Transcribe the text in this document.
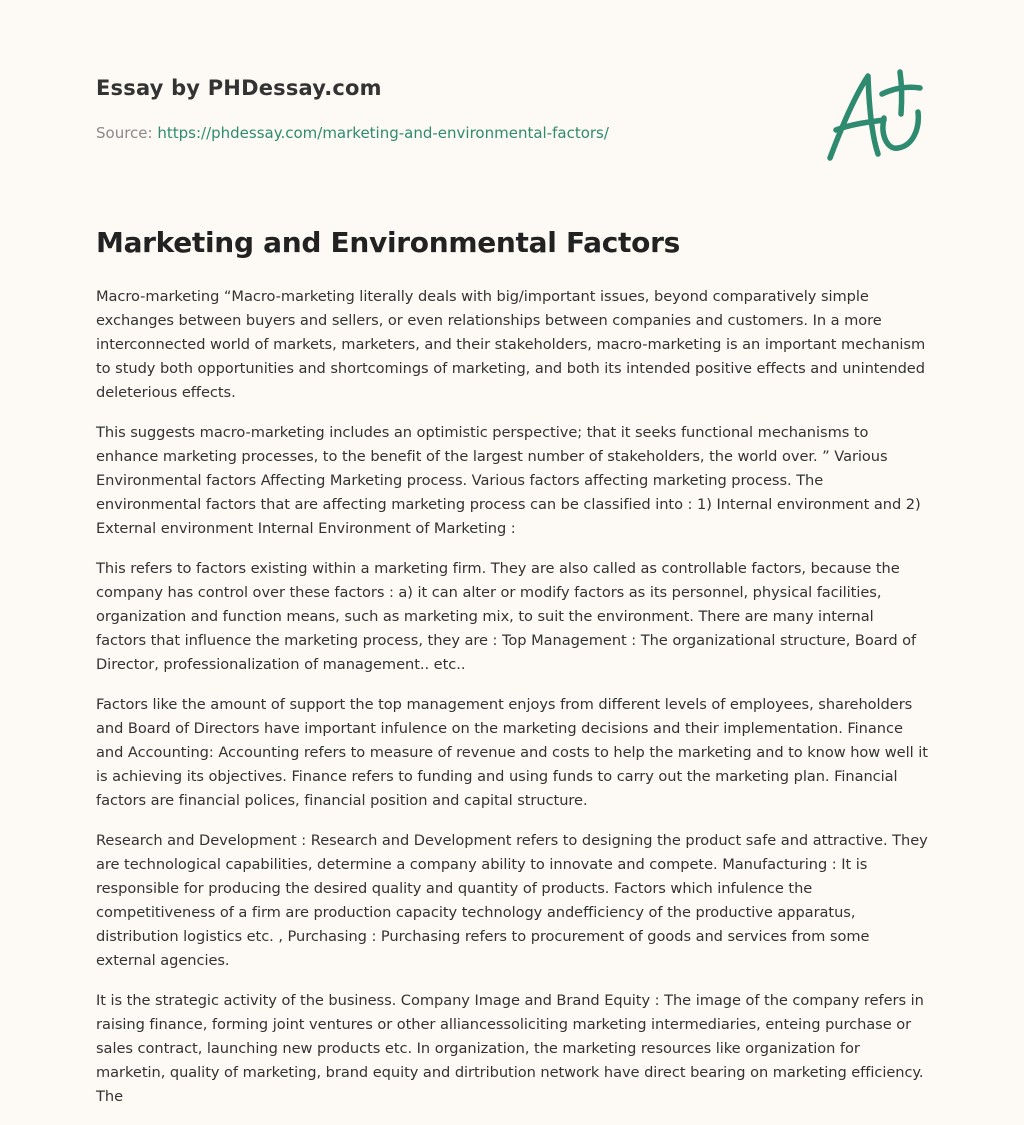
Essay by PHDessay.com

Source: https://phdessay.com/marketing-and-environmental-factors/

Marketing and Environmental Factors

Macro-marketing “Macro-marketing literally deals with big/important issues, beyond comparatively simple exchanges between buyers and sellers, or even relationships between companies and customers. In a more interconnected world of markets, marketers, and their stakeholders, macro-marketing is an important mechanism to study both opportunities and shortcomings of marketing, and both its intended positive effects and unintended deleterious effects.

This suggests macro-marketing includes an optimistic perspective; that it seeks functional mechanisms to enhance marketing processes, to the benefit of the largest number of stakeholders, the world over. ” Various Environmental factors Affecting Marketing process. Various factors affecting marketing process. The environmental factors that are affecting marketing process can be classified into : 1) Internal environment and 2) External environment Internal Environment of Marketing :

This refers to factors existing within a marketing firm. They are also called as controllable factors, because the company has control over these factors : a) it can alter or modify factors as its personnel, physical facilities, organization and function means, such as marketing mix, to suit the environment. There are many internal factors that influence the marketing process, they are : Top Management : The organizational structure, Board of Director, professionalization of management.. etc..

Factors like the amount of support the top management enjoys from different levels of employees, shareholders and Board of Directors have important infulence on the marketing decisions and their implementation. Finance and Accounting: Accounting refers to measure of revenue and costs to help the marketing and to know how well it is achieving its objectives. Finance refers to funding and using funds to carry out the marketing plan. Financial factors are financial polices, financial position and capital structure.

Research and Development : Research and Development refers to designing the product safe and attractive. They are technological capabilities, determine a company ability to innovate and compete. Manufacturing : It is responsible for producing the desired quality and quantity of products. Factors which infulence the competitiveness of a firm are production capacity technology andefficiency of the productive apparatus, distribution logistics etc. , Purchasing : Purchasing refers to procurement of goods and services from some external agencies.

It is the strategic activity of the business. Company Image and Brand Equity : The image of the company refers in raising finance, forming joint ventures or other alliancessoliciting marketing intermediaries, enteing purchase or sales contract, launching new products etc. In organization, the marketing resources like organization for marketin, quality of marketing, brand equity and dirtribution network have direct bearing on marketing efficiency. The
